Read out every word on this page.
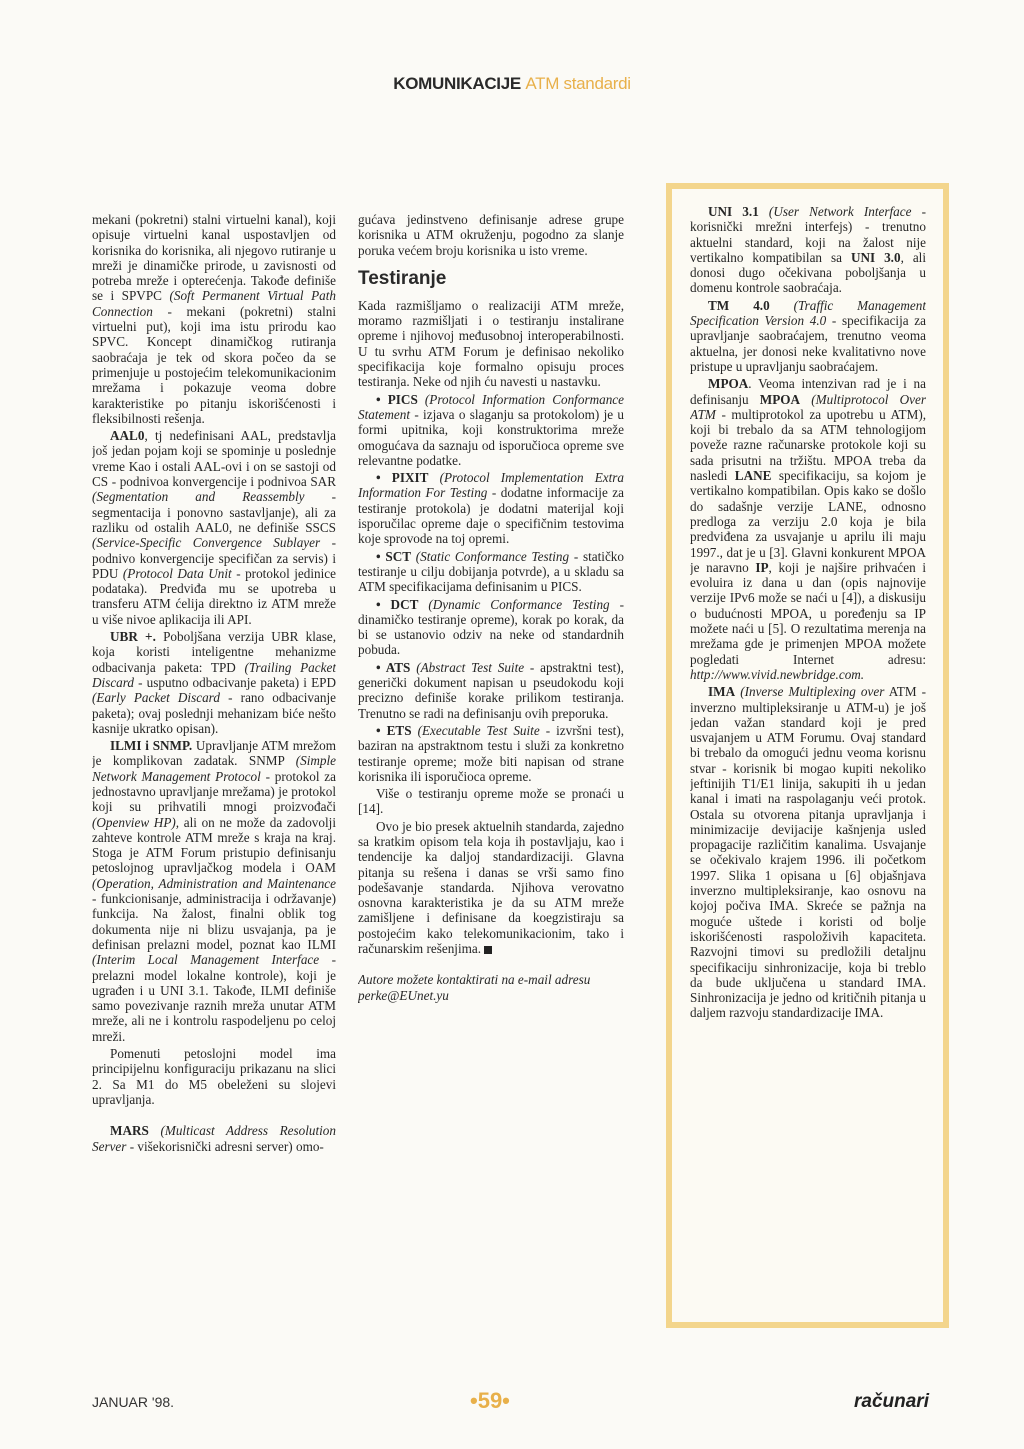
KOMUNIKACIJE ATM standardi

mekani (pokretni) stalni virtuelni kanal), koji opisuje virtuelni kanal uspostavljen od korisnika do korisnika, ali njegovo rutiranje u mreži je dinamičke prirode, u zavisnosti od potreba mreže i opterećenja. Takođe definiše se i SPVPC (Soft Permanent Virtual Path Connection - mekani (pokretni) stalni virtuelni put), koji ima istu prirodu kao SPVC. Koncept dinamičkog rutiranja saobraćaja je tek od skora počeo da se primenjuje u postojećim telekomunikacionim mrežama i pokazuje veoma dobre karakteristike po pitanju iskorišćenosti i fleksibilnosti rešenja.

AAL0, tj nedefinisani AAL, predstavlja još jedan pojam koji se spominje u poslednje vreme Kao i ostali AAL-ovi i on se sastoji od CS - podnivoa konvergencije i podnivoa SAR (Segmentation and Reassembly - segmentacija i ponovno sastavljanje), ali za razliku od ostalih AAL0, ne definiše SSCS (Service-Specific Convergence Sublayer - podnivo konvergencije specifičan za servis) i PDU (Protocol Data Unit - protokol jedinice podataka). Predviđa mu se upotreba u transferu ATM ćelija direktno iz ATM mreže u više nivoe aplikacija ili API.

UBR +. Poboljšana verzija UBR klase, koja koristi inteligentne mehanizme odbacivanja paketa: TPD (Trailing Packet Discard - usputno odbacivanje paketa) i EPD (Early Packet Discard - rano odbacivanje paketa); ovaj poslednji mehanizam biće nešto kasnije ukratko opisan).

ILMI i SNMP. Upravljanje ATM mrežom je komplikovan zadatak. SNMP (Simple Network Management Protocol - protokol za jednostavno upravljanje mrežama) je protokol koji su prihvatili mnogi proizvođači (Openview HP), ali on ne može da zadovolji zahteve kontrole ATM mreže s kraja na kraj. Stoga je ATM Forum pristupio definisanju petoslojnog upravljačkog modela i OAM (Operation, Administration and Maintenance - funkcionisanje, administracija i održavanje) funkcija. Na žalost, finalni oblik tog dokumenta nije ni blizu usvajanja, pa je definisan prelazni model, poznat kao ILMI (Interim Local Management Interface - prelazni model lokalne kontrole), koji je ugrađen i u UNI 3.1. Takođe, ILMI definiše samo povezivanje raznih mreža unutar ATM mreže, ali ne i kontrolu raspodeljenu po celoj mreži.

Pomenuti petoslojni model ima principijelnu konfiguraciju prikazanu na slici 2. Sa M1 do M5 obeleženi su slojevi upravljanja.

MARS (Multicast Address Resolution Server - višekorisnički adresni server) omo-

gućava jedinstveno definisanje adrese grupe korisnika u ATM okruženju, pogodno za slanje poruka većem broju korisnika u isto vreme.

Testiranje

Kada razmišljamo o realizaciji ATM mreže, moramo razmišljati i o testiranju instalirane opreme i njihovoj međusobnoj interoperabilnosti. U tu svrhu ATM Forum je definisao nekoliko specifikacija koje formalno opisuju proces testiranja. Neke od njih ću navesti u nastavku.

• PICS (Protocol Information Conformance Statement - izjava o slaganju sa protokolom) je u formi upitnika, koji konstruktorima mreže omogućava da saznaju od isporučioca opreme sve relevantne podatke.

• PIXIT (Protocol Implementation Extra Information For Testing - dodatne informacije za testiranje protokola) je dodatni materijal koji isporučilac opreme daje o specifičnim testovima koje sprovode na toj opremi.

• SCT (Static Conformance Testing - statičko testiranje u cilju dobijanja potvrde), a u skladu sa ATM specifikacijama definisanim u PICS.

• DCT (Dynamic Conformance Testing - dinamičko testiranje opreme), korak po korak, da bi se ustanovio odziv na neke od standardnih pobuda.

• ATS (Abstract Test Suite - apstraktni test), generički dokument napisan u pseudokodu koji precizno definiše korake prilikom testiranja. Trenutno se radi na definisanju ovih preporuka.

• ETS (Executable Test Suite - izvršni test), baziran na apstraktnom testu i služi za konkretno testiranje opreme; može biti napisan od strane korisnika ili isporučioca opreme.

Više o testiranju opreme može se pronaći u [14].

Ovo je bio presek aktuelnih standarda, zajedno sa kratkim opisom tela koja ih postavljaju, kao i tendencije ka daljoj standardizaciji. Glavna pitanja su rešena i danas se vrši samo fino podešavanje standarda. Njihova verovatno osnovna karakteristika je da su ATM mreže zamišljene i definisane da koegzistiraju sa postojećim kako telekomunikacionim, tako i računarskim rešenjima.

Autore možete kontaktirati na e-mail adresu
perke@EUnet.yu

UNI 3.1 (User Network Interface - korisnički mrežni interfejs) - trenutno aktuelni standard, koji na žalost nije vertikalno kompatibilan sa UNI 3.0, ali donosi dugo očekivana poboljšanja u domenu kontrole saobraćaja.

TM 4.0 (Traffic Management Specification Version 4.0 - specifikacija za upravljanje saobraćajem, trenutno veoma aktuelna, jer donosi neke kvalitativno nove pristupe u upravljanju saobraćajem.

MPOA. Veoma intenzivan rad je i na definisanju MPOA (Multiprotocol Over ATM - multiprotokol za upotrebu u ATM), koji bi trebalo da sa ATM tehnologijom poveže razne računarske protokole koji su sada prisutni na tržištu. MPOA treba da nasledi LANE specifikaciju, sa kojom je vertikalno kompatibilan. Opis kako se došlo do sadašnje verzije LANE, odnosno predloga za verziju 2.0 koja je bila predviđena za usvajanje u aprilu ili maju 1997., dat je u [3]. Glavni konkurent MPOA je naravno IP, koji je najšire prihvaćen i evoluira iz dana u dan (opis najnovije verzije IPv6 može se naći u [4]), a diskusiju o budućnosti MPOA, u poređenju sa IP možete naći u [5]. O rezultatima merenja na mrežama gde je primenjen MPOA možete pogledati Internet adresu: http://www.vivid.newbridge.com.

IMA (Inverse Multiplexing over ATM - inverzno multipleksiranje u ATM-u) je još jedan važan standard koji je pred usvajanjem u ATM Forumu. Ovaj standard bi trebalo da omogući jednu veoma korisnu stvar - korisnik bi mogao kupiti nekoliko jeftinijih T1/E1 linija, sakupiti ih u jedan kanal i imati na raspolaganju veći protok. Ostala su otvorena pitanja upravljanja i minimizacije devijacije kašnjenja usled propagacije različitim kanalima. Usvajanje se očekivalo krajem 1996. ili početkom 1997. Slika 1 opisana u [6] objašnjava inverzno multipleksiranje, kao osnovu na kojoj počiva IMA. Skreće se pažnja na moguće uštede i koristi od bolje iskorišćenosti raspoloživih kapaciteta. Razvojni timovi su predložili detaljnu specifikaciju sinhronizacije, koja bi treblo da bude uključena u standard IMA. Sinhronizacija je jedno od kritičnih pitanja u daljem razvoju standardizacije IMA.

JANUAR '98.	•59•	računari
